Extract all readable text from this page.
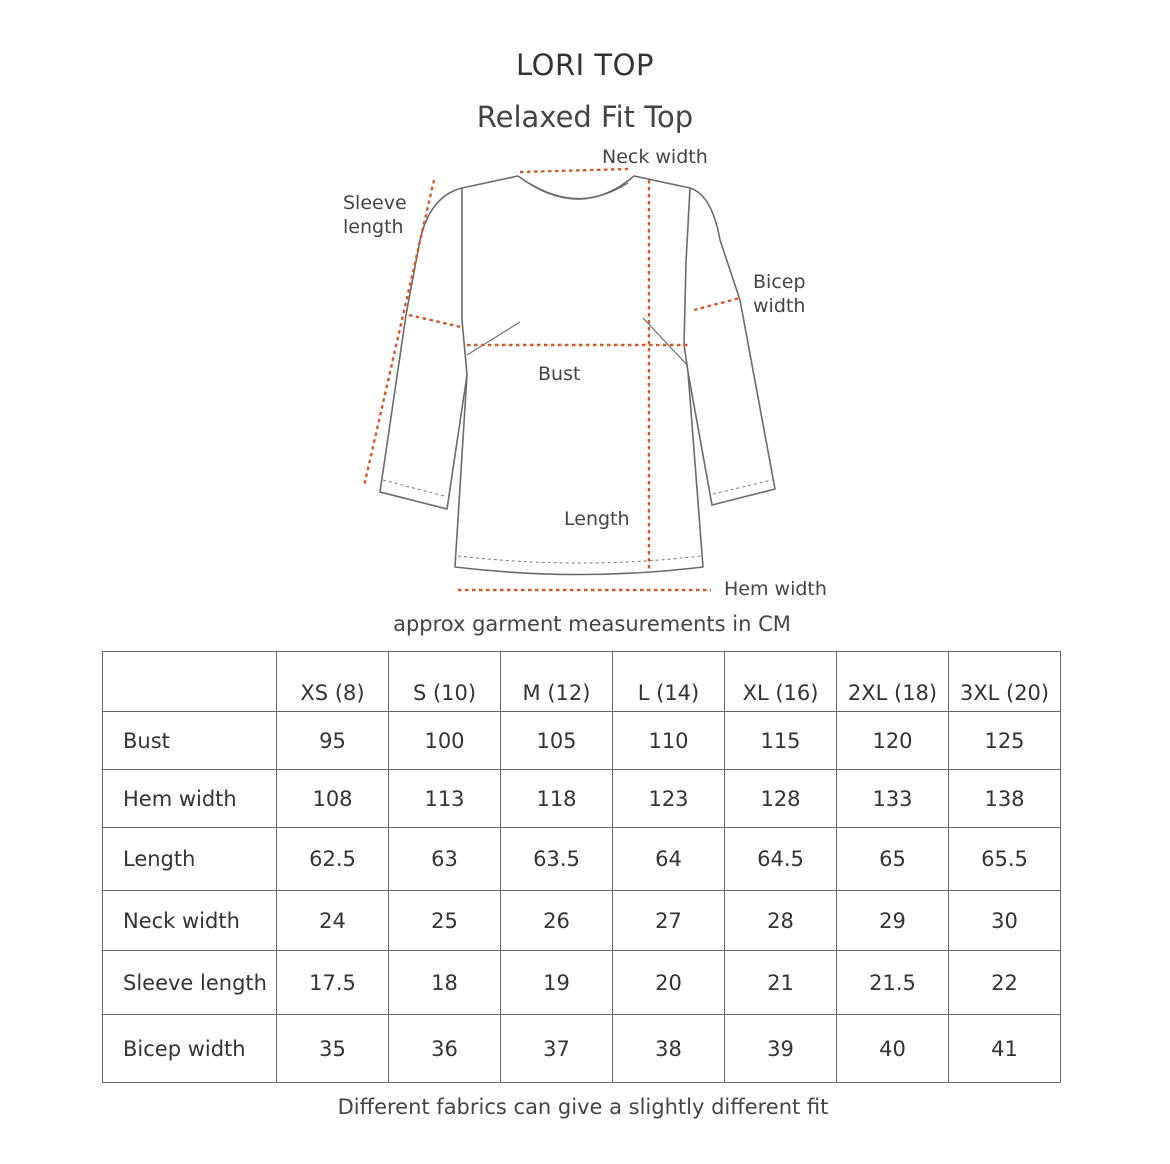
LORI TOP
Relaxed Fit Top
Neck width
Sleeve
length
Bicep
width
Bust
Length
Hem width
approx garment measurements in CM
	XS (8)	S (10)	M (12)	L (14)	XL (16)	2XL (18)	3XL (20)
Bust	95	100	105	110	115	120	125
Hem width	108	113	118	123	128	133	138
Length	62.5	63	63.5	64	64.5	65	65.5
Neck width	24	25	26	27	28	29	30
Sleeve length	17.5	18	19	20	21	21.5	22
Bicep width	35	36	37	38	39	40	41
Different fabrics can give a slightly different fit
